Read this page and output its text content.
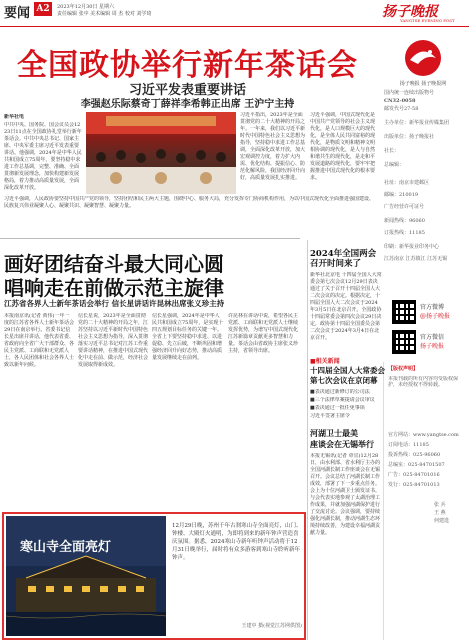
要闻 A2	2023年12月30日 星期六
责任编辑 张中 美术编辑 周 杰 校对 刘学琦	扬子晚报
YANGTSE EVENING POST
全国政协举行新年茶话会
习近平发表重要讲话
李强赵乐际蔡奇丁薛祥李希韩正出席 王沪宁主持
新华社电
中共中央、国务院、国会议员会1223日11点在全国政协礼堂举行新年茶话会。中共中央总书记、国家主席、中央军委主席习近平发表重要讲话。他强调，2024年是中华人民共和国成立75周年，要坚持稳中求进工作总基调，完整、准确、全面贯彻新发展理念，加快构建新发展格局，着力推动高质量发展，全面深化改革开放。
习近平指出，2023年是全面贯彻党的二十大精神的开局之年。一年来，我们以习近平新时代中国特色社会主义思想为指导，坚持稳中求进工作总基调，全面深化改革开放，加大宏观调控力度，着力扩大内需、优化结构、提振信心、防范化解风险，我国经济回升向好，高质量发展扎实推进。
习近平强调，中国式现代化是中国共产党领导的社会主义现代化，是人口规模巨大的现代化，是全体人民共同富裕的现代化，是物质文明和精神文明相协调的现代化，是人与自然和谐共生的现代化，是走和平发展道路的现代化，要牢牢把握推进中国式现代化的根本要求。
习近平强调，人民政协要坚持中国共产党的领导，坚持团结和民主两大主题，围绕中心、服务大局，充分发挥专门协商机构作用，为以中国式现代化全面推进强国建设、民族复兴伟业凝聚人心、凝聚共识、凝聚智慧、凝聚力量。
扬子晚报 扬子晚报网
国内统一连续出版物号
CN32-0058
邮发代号27-58
主办单位：新华报业传媒集团
出版单位：扬子晚报社
社长：
总编辑：
社址：南京市建邺区
邮编：210019
广告经营许可证号
新闻热线：96060
订报热线：11185
印刷：新华报业印务中心
江苏南京 江苏镇江 江苏无锡
官方微博
@扬子晚报
官方微信
扬子晚报
【版权声明】
本报刊载的所有内容均受版权保护，未经授权不得转载。
官方网站：www.yangtse.com
订阅电话：11185
投诉热线：025-96060
总编室：025-84701507
广告：025-84701016
发行：025-84701013
张 兵
王 燕
何建选
画好团结奋斗最大同心圆
唱响走在前做示范主旋律
江苏省各界人士新年茶话会举行 信长星讲话许昆林出席张义珍主持
本报南京讯(记者 黄伟)一年一度的江苏省各界人士新年茶话会29日在南京举行。省委书记信长星出席并讲话，他代表省委、省政府向全省广大干部群众、各民主党派、工商联和无党派人士，各人民团体和社会各界人士致以新年问候。
信长星说，2023年是全面贯彻党的二十大精神的开局之年，江苏坚持以习近平新时代中国特色社会主义思想为指导，深入贯彻落实习近平总书记对江苏工作重要讲话精神，在推进中国式现代化中走在前、做示范，经济社会发展取得新成效。
信长星强调，2024年是中华人民共和国成立75周年，是实现十四五规划目标任务的关键一年。全省上下要坚持稳中求进、以进促稳、先立后破，不断巩固和增强经济回升向好态势，推动高质量发展继续走在前列。
许昆林在讲话中说，希望各民主党派、工商联和无党派人士继续发挥优势，为谱写中国式现代化江苏新篇章贡献更多智慧和力量。茶话会由省政协主席张义珍主持，省领导出席。
寒山寺全面亮灯
12月29日晚，苏州千年古刹寒山寺全面亮灯，山门、钟楼、大殿灯火通明，为即将到来的新年钟声营造喜庆氛围。据悉，2024寒山寺新年听钟声活动将于12月31日晚举行，届时将有众多游客到寒山寺聆听新年钟声。
王建中 摄(视觉江苏网供图)
2024年全国两会召开时间来了
新华社北京电 十四届全国人大常委会第七次会议12月29日表决通过了关于召开十四届全国人大二次会议的决定。根据决定，十四届全国人大二次会议于2024年3月5日在北京召开。全国政协十四届常委会第四次会议29日决定，政协第十四届全国委员会第二次会议于2024年3月4日在北京召开。
■相关新闻
十四届全国人大常委会
第七次会议在京闭幕
■表决通过新修订的公司法
■三个法律草案提请会议审议
■表决通过一批任免事项
习近平签署主席令
河湖卫士最美
座谈会在无锡举行
本报无锡讯(记者 章宜)12月28日，由水利部、省水利厅主办的全国河湖长制工作座谈会在无锡召开。会议总结了河湖长制工作成效，部署了下一步重点任务。会上为十位河湖卫士颁发证书。与会代表实地参观了太湖治理工作成果，并就加强河湖保护进行了交流讨论。会议强调，要持续强化河湖长制，推动河湖生态环境持续改善，为建设幸福河湖贡献力量。
